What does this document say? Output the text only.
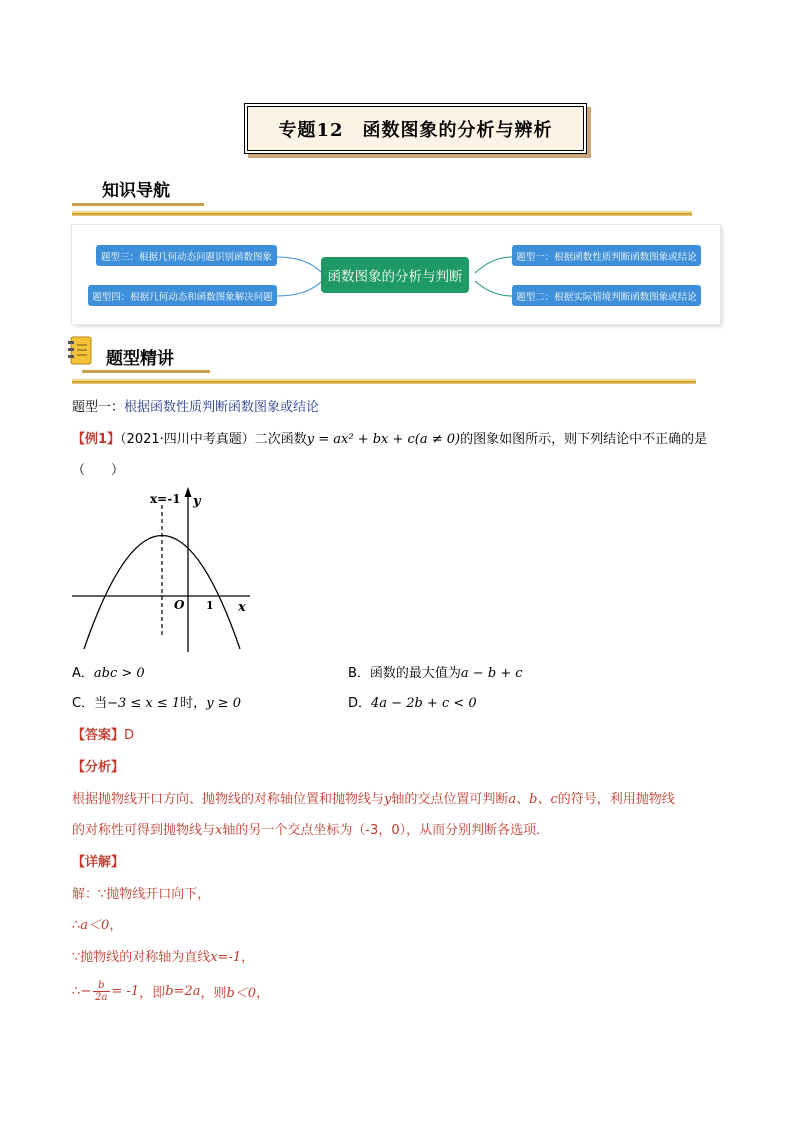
专题12　函数图象的分析与辨析
知识导航
题型三：根据几何动态问题识别函数图象
题型四：根据几何动态和函数图象解决问题
函数图象的分析与判断
题型一：根据函数性质判断函数图象或结论
题型二：根据实际情境判断函数图象或结论
题型精讲
题型一：根据函数性质判断函数图象或结论
【例1】（2021·四川中考真题）二次函数y = ax² + bx + c(a ≠ 0)的图象如图所示，则下列结论中不正确的是
（　　）
x=-1 y
O 1 x
A．abc > 0	B．函数的最大值为a − b + c
C．当−3 ≤ x ≤ 1时，y ≥ 0	D．4a − 2b + c < 0
【答案】D
【分析】
根据抛物线开口方向、抛物线的对称轴位置和抛物线与y轴的交点位置可判断a、b、c的符号，利用抛物线
的对称性可得到抛物线与x轴的另一个交点坐标为（-3，0），从而分别判断各选项．
【详解】
解：∵抛物线开口向下，
∴a＜0，
∵抛物线的对称轴为直线x=-1，
∴− $\frac{b}{2a} = -1$ ，即 b=2a ，则 b＜0 ，
